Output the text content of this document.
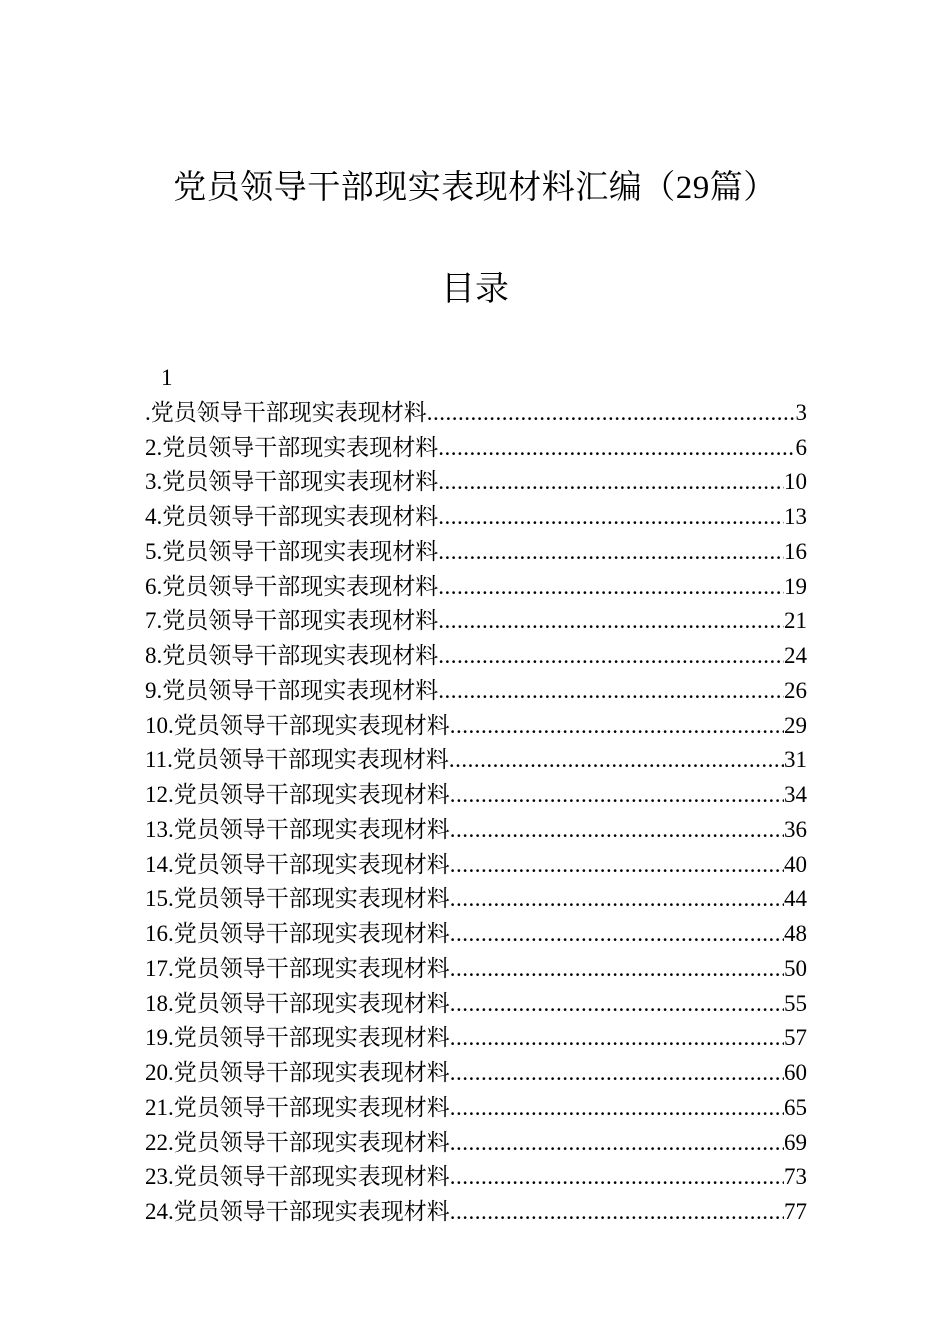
党员领导干部现实表现材料汇编（29篇）
目录
1
.党员领导干部现实表现材料 .....	3
2.党员领导干部现实表现材料 .....	6
3.党员领导干部现实表现材料 .....	10
4.党员领导干部现实表现材料 .....	13
5.党员领导干部现实表现材料 .....	16
6.党员领导干部现实表现材料 .....	19
7.党员领导干部现实表现材料 .....	21
8.党员领导干部现实表现材料 .....	24
9.党员领导干部现实表现材料 .....	26
10.党员领导干部现实表现材料 .....	29
11.党员领导干部现实表现材料 .....	31
12.党员领导干部现实表现材料 .....	34
13.党员领导干部现实表现材料 .....	36
14.党员领导干部现实表现材料 .....	40
15.党员领导干部现实表现材料 .....	44
16.党员领导干部现实表现材料 .....	48
17.党员领导干部现实表现材料 .....	50
18.党员领导干部现实表现材料 .....	55
19.党员领导干部现实表现材料 .....	57
20.党员领导干部现实表现材料 .....	60
21.党员领导干部现实表现材料 .....	65
22.党员领导干部现实表现材料 .....	69
23.党员领导干部现实表现材料 .....	73
24.党员领导干部现实表现材料 .....	77
